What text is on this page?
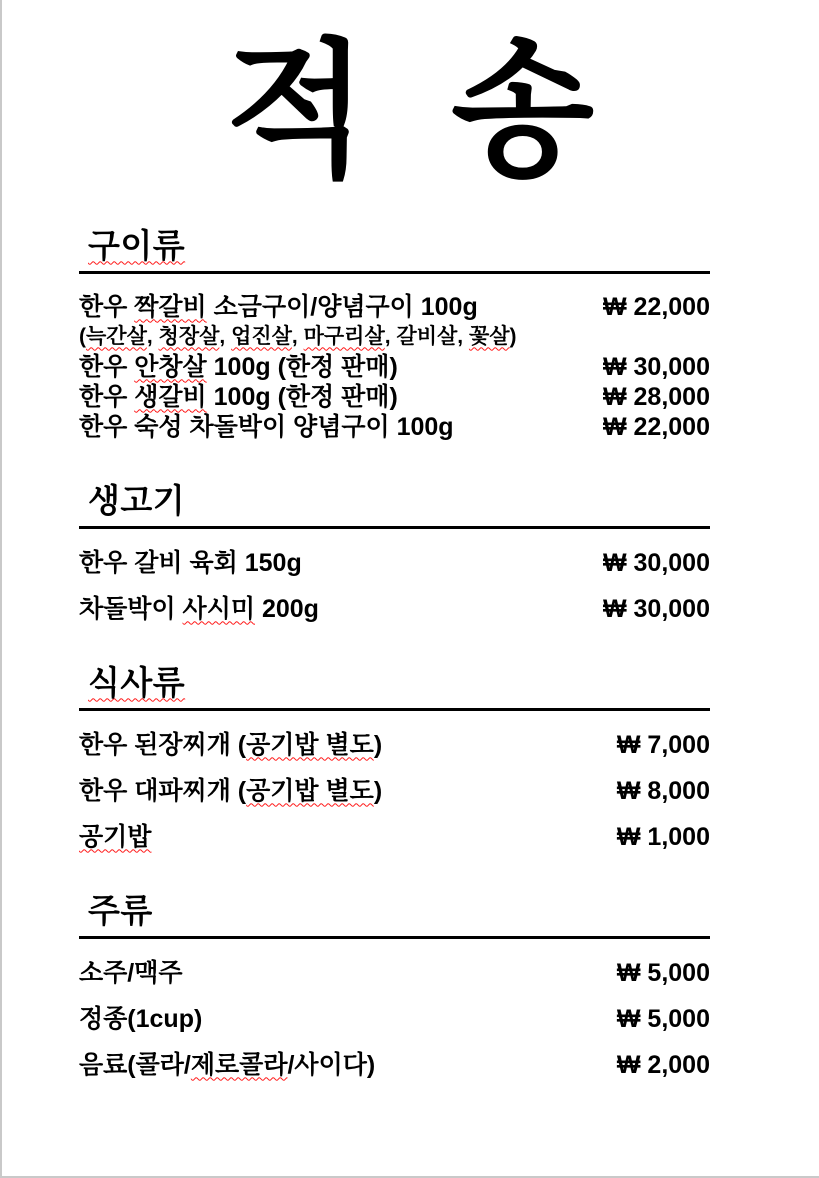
적 송
구이류
한우 짝갈비 소금구이/양념구이 100g	₩ 22,000
(늑간살, 청장살, 업진살, 마구리살, 갈비살, 꽃살)
한우 안창살 100g (한정 판매)	₩ 30,000
한우 생갈비 100g (한정 판매)	₩ 28,000
한우 숙성 차돌박이 양념구이 100g	₩ 22,000
생고기
한우 갈비 육회 150g	₩ 30,000
차돌박이 사시미 200g	₩ 30,000
식사류
한우 된장찌개 (공기밥 별도)	₩ 7,000
한우 대파찌개 (공기밥 별도)	₩ 8,000
공기밥	₩ 1,000
주류
소주/맥주	₩ 5,000
정종(1cup)	₩ 5,000
음료(콜라/제로콜라/사이다)	₩ 2,000
